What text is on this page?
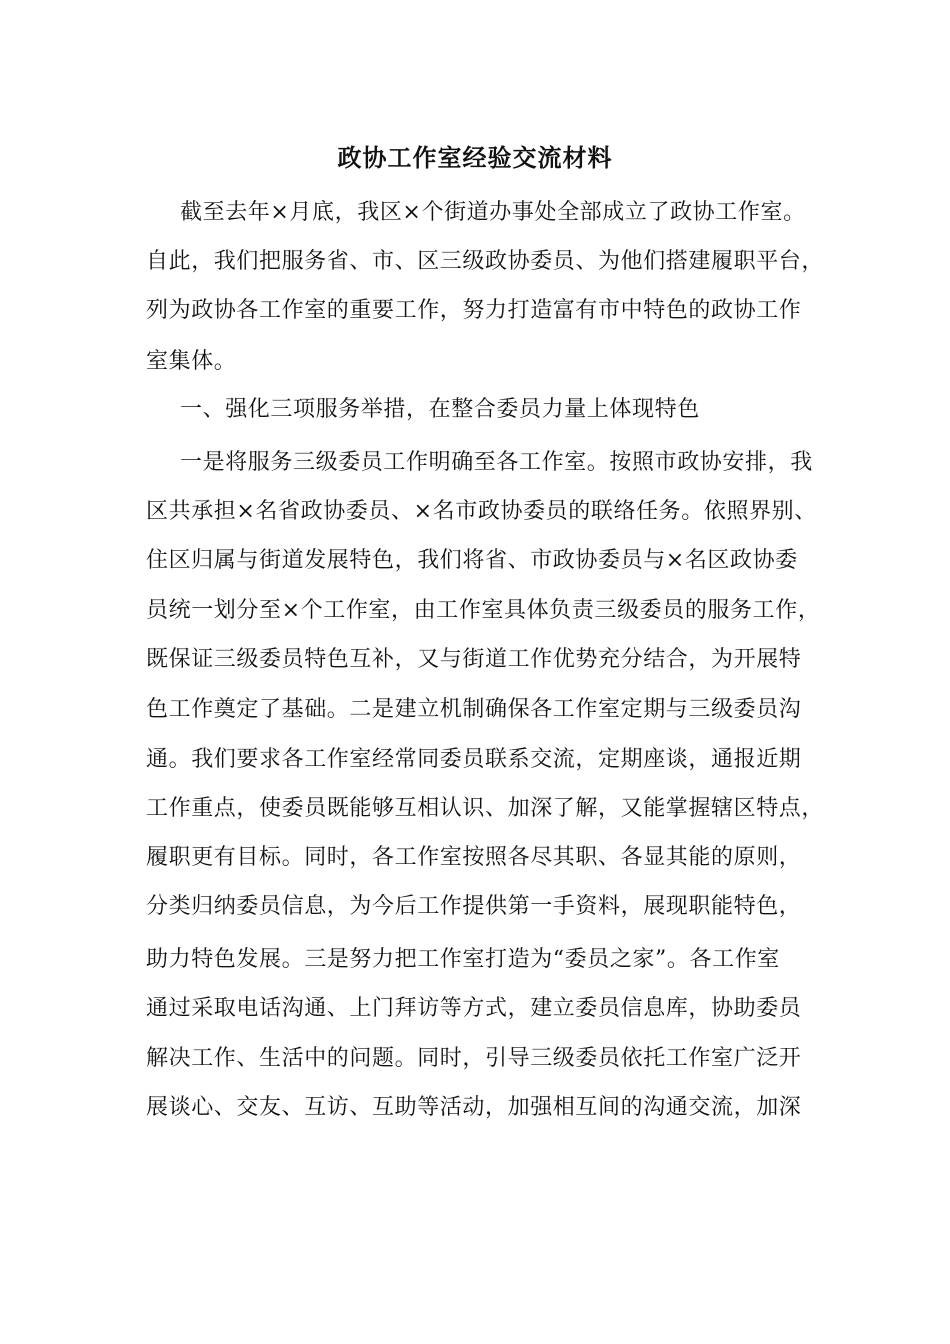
政协工作室经验交流材料
截至去年×月底，我区×个街道办事处全部成立了政协工作室。
自此，我们把服务省、市、区三级政协委员、为他们搭建履职平台，
列为政协各工作室的重要工作，努力打造富有市中特色的政协工作
室集体。
一、强化三项服务举措，在整合委员力量上体现特色
一是将服务三级委员工作明确至各工作室。按照市政协安排，我
区共承担×名省政协委员、×名市政协委员的联络任务。依照界别、
住区归属与街道发展特色，我们将省、市政协委员与×名区政协委
员统一划分至×个工作室，由工作室具体负责三级委员的服务工作，
既保证三级委员特色互补，又与街道工作优势充分结合，为开展特
色工作奠定了基础。二是建立机制确保各工作室定期与三级委员沟
通。我们要求各工作室经常同委员联系交流，定期座谈，通报近期
工作重点，使委员既能够互相认识、加深了解，又能掌握辖区特点，
履职更有目标。同时，各工作室按照各尽其职、各显其能的原则，
分类归纳委员信息，为今后工作提供第一手资料，展现职能特色，
助力特色发展。三是努力把工作室打造为“委员之家”。各工作室
通过采取电话沟通、上门拜访等方式，建立委员信息库，协助委员
解决工作、生活中的问题。同时，引导三级委员依托工作室广泛开
展谈心、交友、互访、互助等活动，加强相互间的沟通交流，加深
